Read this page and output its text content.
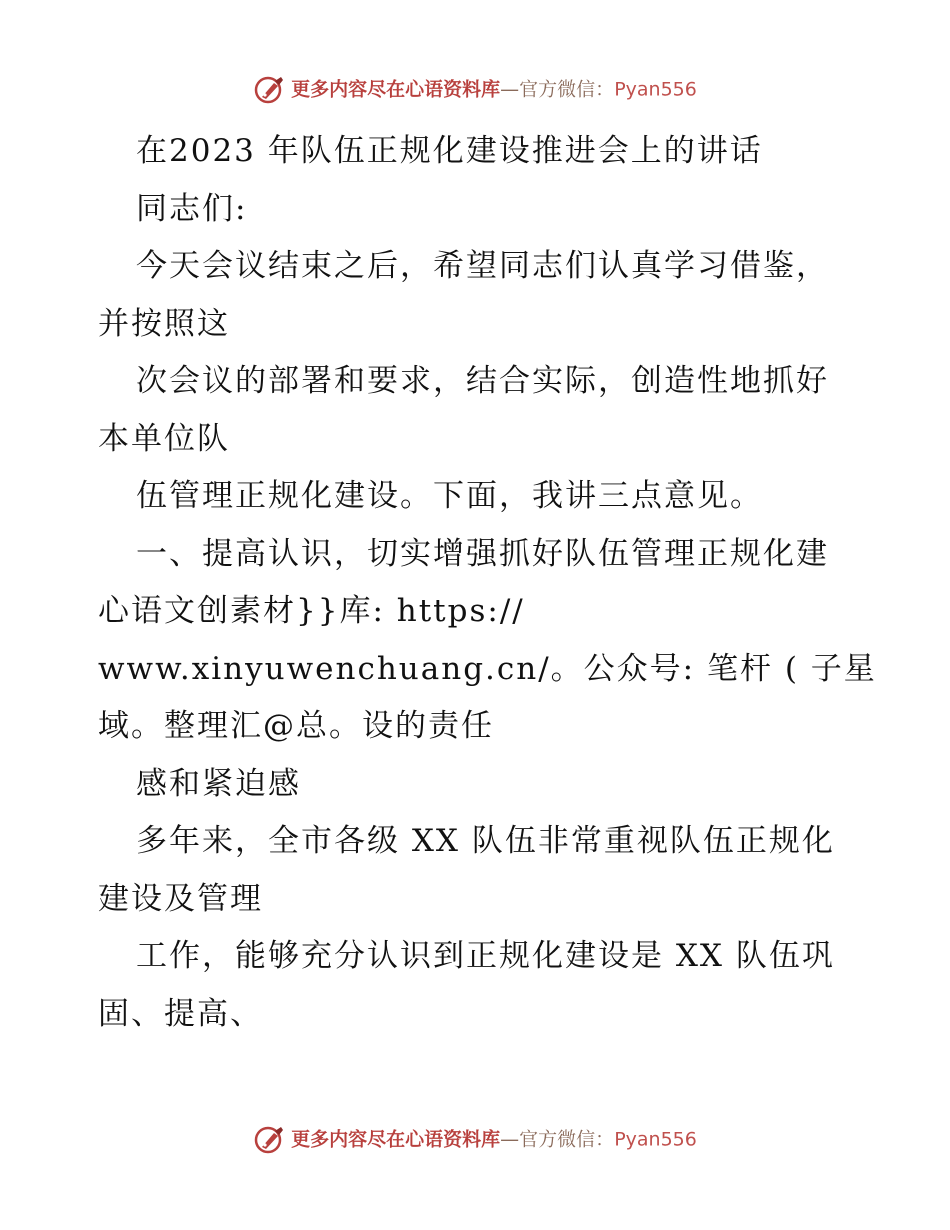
更多内容尽在心语资料库—官方微信：Pyan556

在2023 年队伍正规化建设推进会上的讲话

同志们:

今天会议结束之后，希望同志们认真学习借鉴，

并按照这

次会议的部署和要求，结合实际，创造性地抓好

本单位队

伍管理正规化建设。下面，我讲三点意见。

一、提高认识，切实增强抓好队伍管理正规化建

心语文创素材}}库: https://

www.xinyuwenchuang.cn/。公众号: 笔杆 ( 子星

域。整理汇@总。设的责任

感和紧迫感

多年来，全市各级 XX 队伍非常重视队伍正规化

建设及管理

工作，能够充分认识到正规化建设是 XX 队伍巩

固、提高、

更多内容尽在心语资料库—官方微信：Pyan556
